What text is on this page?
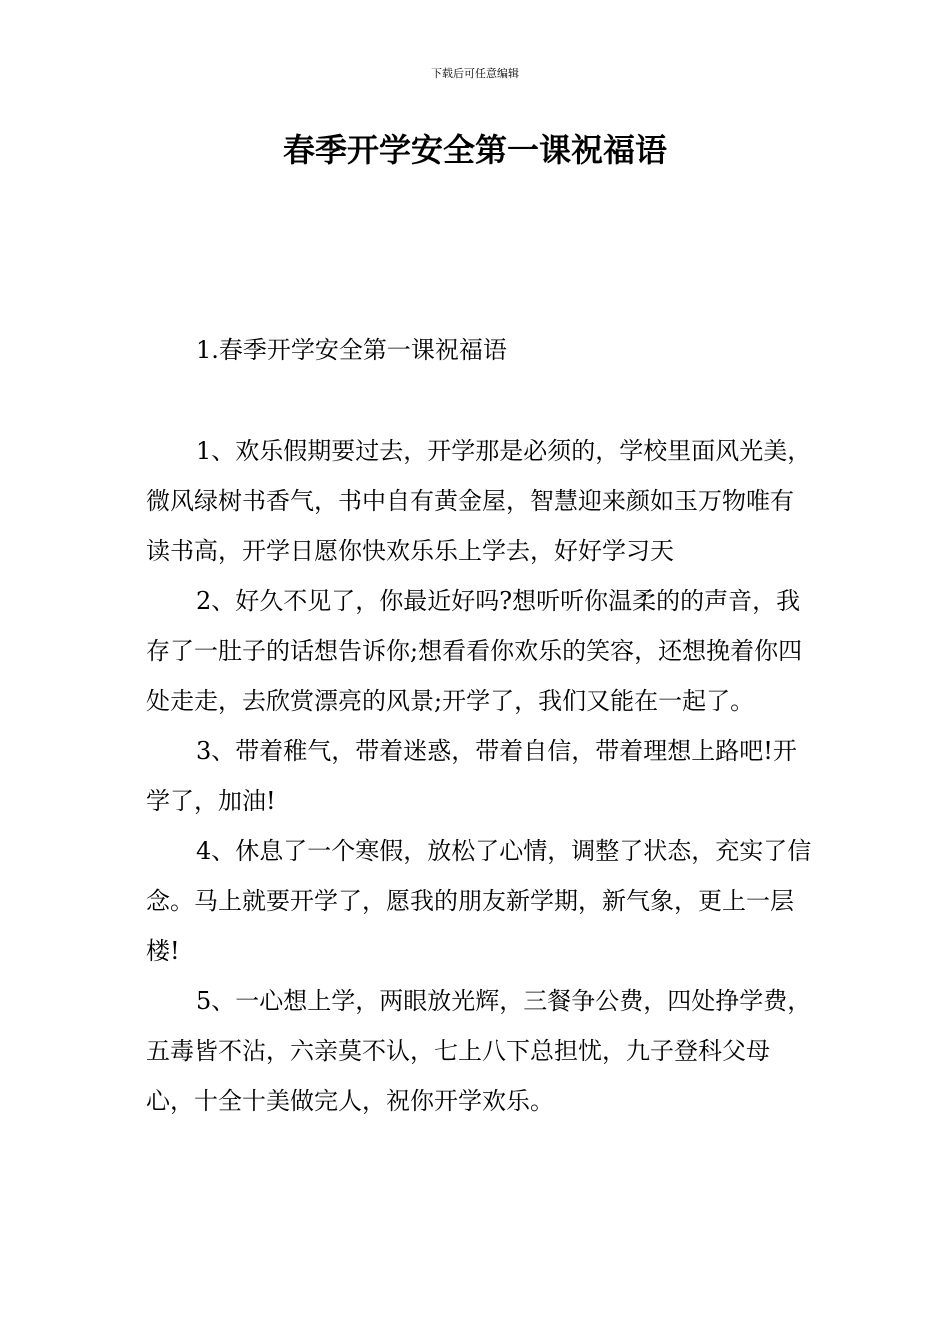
下载后可任意编辑
春季开学安全第一课祝福语
1.春季开学安全第一课祝福语

1、欢乐假期要过去，开学那是必须的，学校里面风光美，微风绿树书香气，书中自有黄金屋，智慧迎来颜如玉万物唯有读书高，开学日愿你快欢乐乐上学去，好好学习天

2、好久不见了，你最近好吗?想听听你温柔的的声音，我存了一肚子的话想告诉你;想看看你欢乐的笑容，还想挽着你四处走走，去欣赏漂亮的风景;开学了，我们又能在一起了。

3、带着稚气，带着迷惑，带着自信，带着理想上路吧!开学了，加油!

4、休息了一个寒假，放松了心情，调整了状态，充实了信念。马上就要开学了，愿我的朋友新学期，新气象，更上一层楼!

5、一心想上学，两眼放光辉，三餐争公费，四处挣学费，五毒皆不沾，六亲莫不认，七上八下总担忧，九子登科父母心，十全十美做完人，祝你开学欢乐。
